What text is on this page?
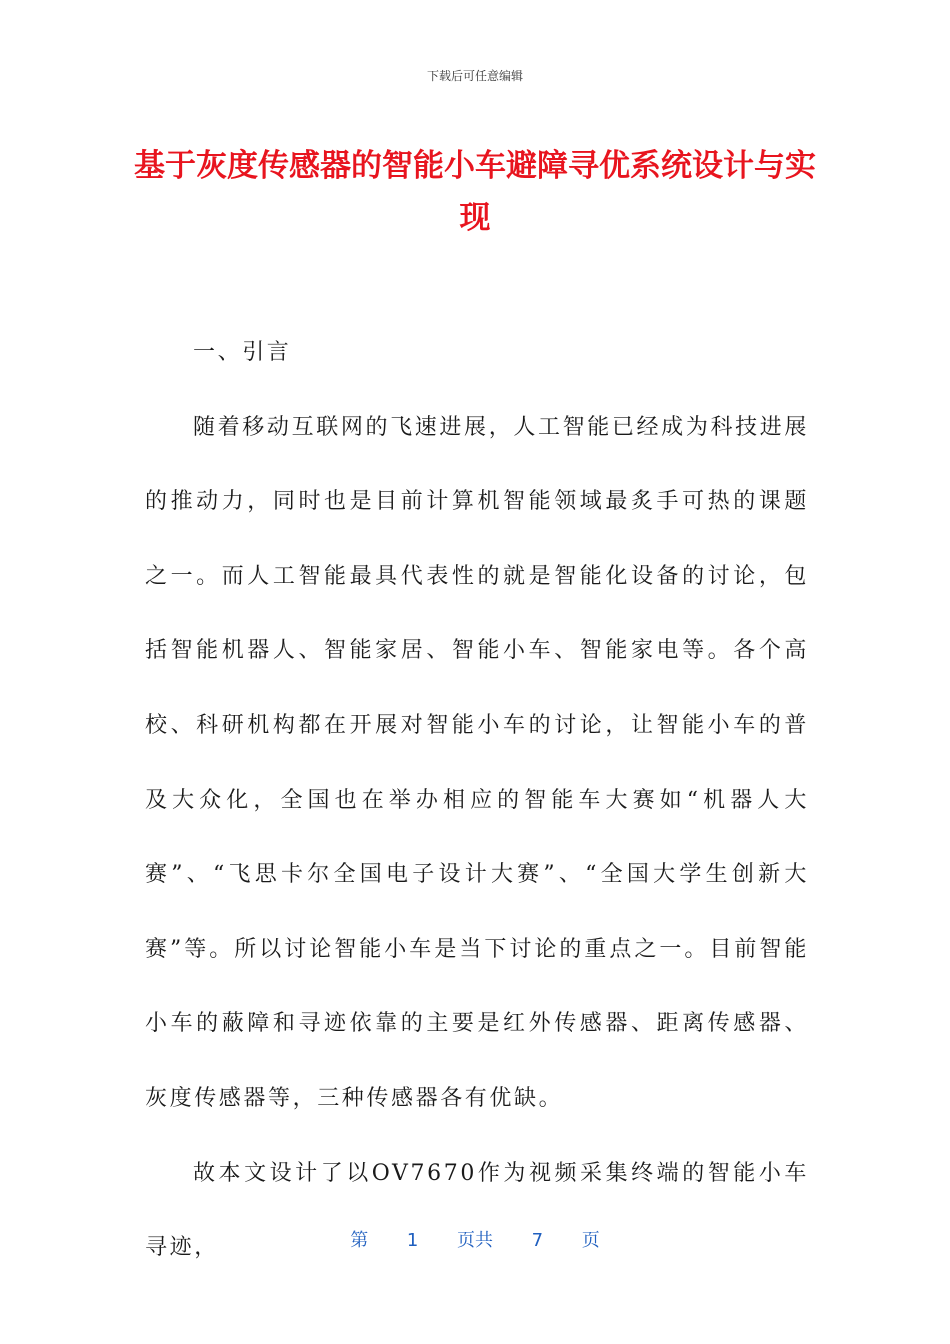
下载后可任意编辑
基于灰度传感器的智能小车避障寻优系统设计与实现

一、引言

随着移动互联网的飞速进展，人工智能已经成为科技进展的推动力，同时也是目前计算机智能领域最炙手可热的课题之一。而人工智能最具代表性的就是智能化设备的讨论，包括智能机器人、智能家居、智能小车、智能家电等。各个高校、科研机构都在开展对智能小车的讨论，让智能小车的普及大众化，全国也在举办相应的智能车大赛如“机器人大赛”、“飞思卡尔全国电子设计大赛”、“全国大学生创新大赛”等。所以讨论智能小车是当下讨论的重点之一。目前智能小车的蔽障和寻迹依靠的主要是红外传感器、距离传感器、灰度传感器等，三种传感器各有优缺。

故本文设计了以OV7670作为视频采集终端的智能小车寻迹，	第 1 页共 7 页
